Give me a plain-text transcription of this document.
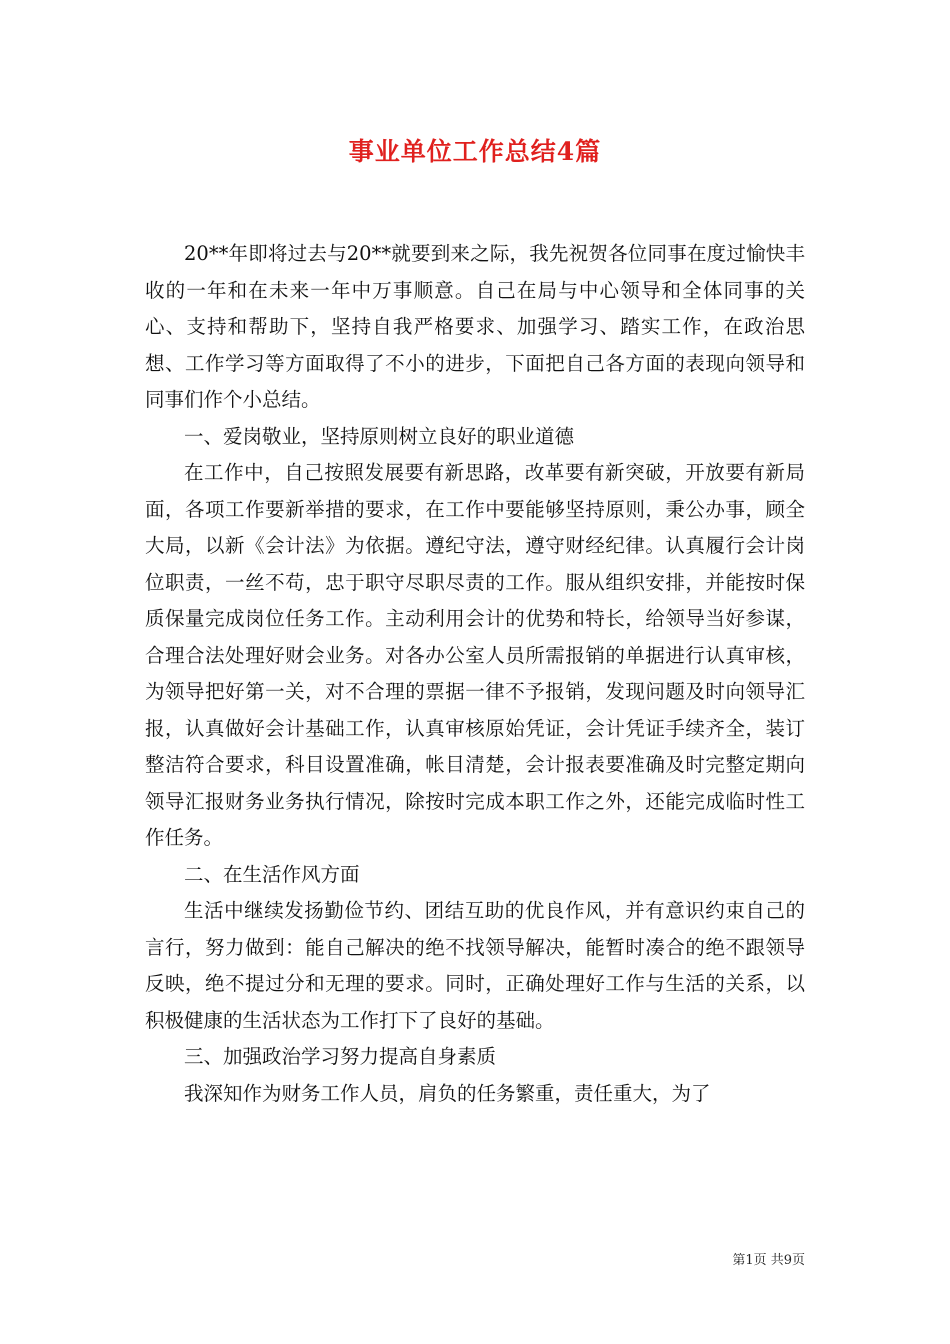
事业单位工作总结4篇

20**年即将过去与20**就要到来之际，我先祝贺各位同事在度过愉快丰收的一年和在未来一年中万事顺意。自己在局与中心领导和全体同事的关心、支持和帮助下，坚持自我严格要求、加强学习、踏实工作，在政治思想、工作学习等方面取得了不小的进步，下面把自己各方面的表现向领导和同事们作个小总结。

一、爱岗敬业，坚持原则树立良好的职业道德

在工作中，自己按照发展要有新思路，改革要有新突破，开放要有新局面，各项工作要新举措的要求，在工作中要能够坚持原则，秉公办事，顾全大局，以新《会计法》为依据。遵纪守法，遵守财经纪律。认真履行会计岗位职责，一丝不苟，忠于职守尽职尽责的工作。服从组织安排，并能按时保质保量完成岗位任务工作。主动利用会计的优势和特长，给领导当好参谋，合理合法处理好财会业务。对各办公室人员所需报销的单据进行认真审核，为领导把好第一关，对不合理的票据一律不予报销，发现问题及时向领导汇报，认真做好会计基础工作，认真审核原始凭证，会计凭证手续齐全，装订整洁符合要求，科目设置准确，帐目清楚，会计报表要准确及时完整定期向领导汇报财务业务执行情况，除按时完成本职工作之外，还能完成临时性工作任务。

二、在生活作风方面

生活中继续发扬勤俭节约、团结互助的优良作风，并有意识约束自己的言行，努力做到：能自己解决的绝不找领导解决，能暂时凑合的绝不跟领导反映，绝不提过分和无理的要求。同时，正确处理好工作与生活的关系，以积极健康的生活状态为工作打下了良好的基础。

三、加强政治学习努力提高自身素质

我深知作为财务工作人员，肩负的任务繁重，责任重大，为了

第1页 共9页
